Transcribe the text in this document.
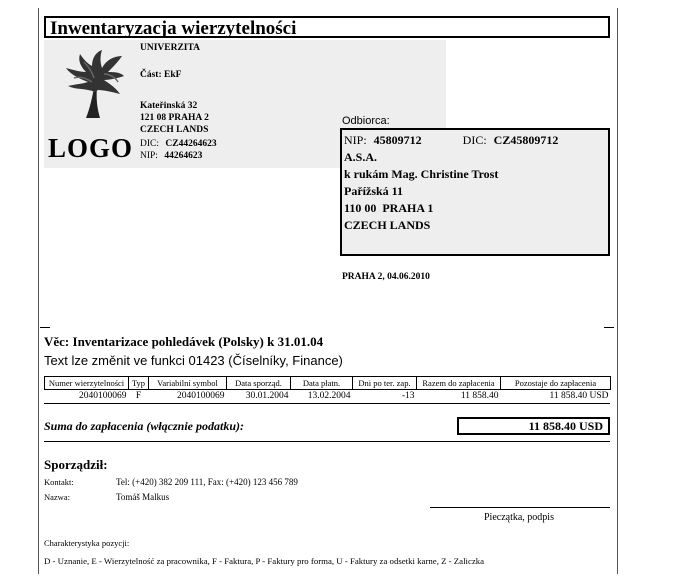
Inwentaryzacja wierzytelności
LOGO
UNIVERZITA
Část: EkF
Kateřinská 32
121 08 PRAHA 2
CZECH LANDS
DIC: CZ44264623
NIP: 44264623
Odbiorca:
NIP: 45809712	DIC: CZ45809712
A.S.A.
k rukám Mag. Christine Trost
Pařížská 11
110 00 PRAHA 1
CZECH LANDS
PRAHA 2, 04.06.2010
Věc: Inventarizace pohledávek (Polsky) k 31.01.04
Text lze změnit ve funkci 01423 (Číselníky, Finance)
Numer wierzytelności	Typ	Variabilní symbol	Data sporząd.	Data płatn.	Dni po ter. zap.	Razem do zapłacenia	Pozostaje do zapłacenia
2040100069	F	2040100069	30.01.2004	13.02.2004	-13	11 858.40	11 858.40 USD
Suma do zapłacenia (włącznie podatku):	11 858.40 USD
Sporządził:
Kontakt:	Tel: (+420) 382 209 111, Fax: (+420) 123 456 789
Nazwa:	Tomáš Malkus
Pieczątka, podpis
Charakterystyka pozycji:
D - Uznanie, E - Wierzytelność za pracownika, F - Faktura, P - Faktury pro forma, U - Faktury za odsetki karne, Z - Zaliczka
